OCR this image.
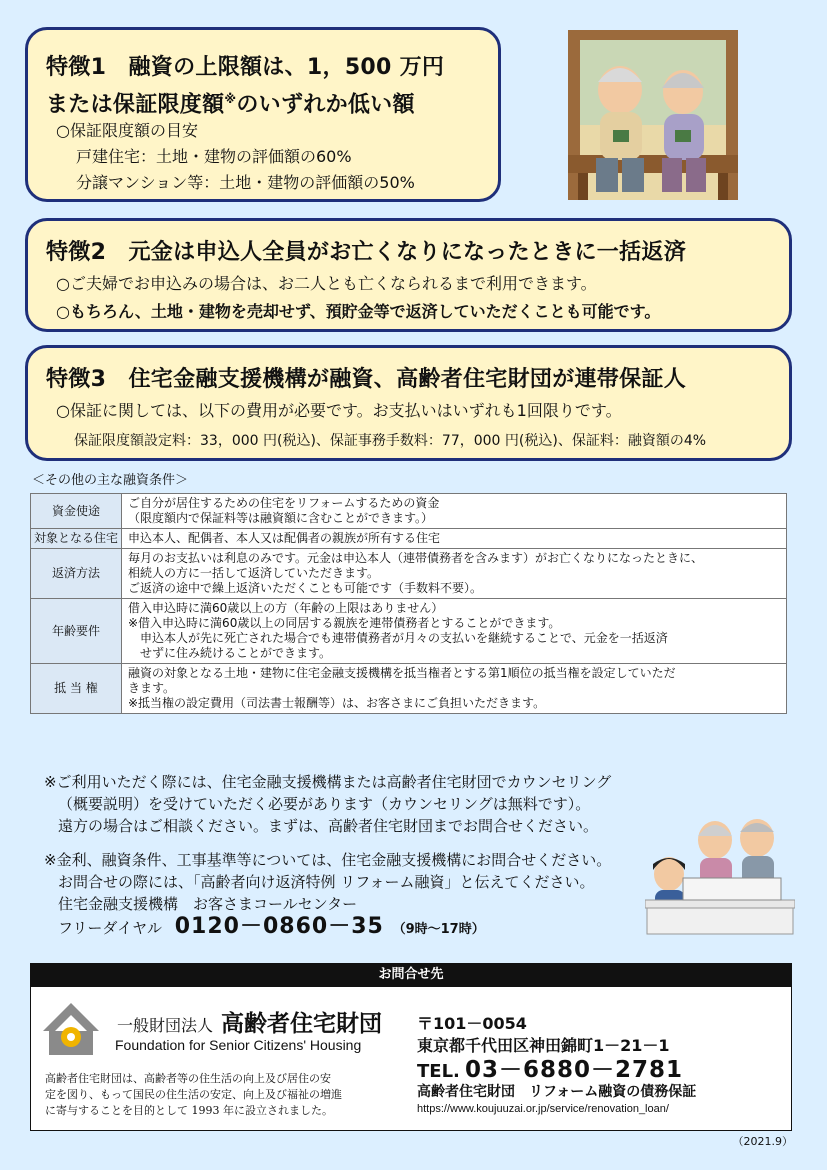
特徴1　融資の上限額は、1，500 万円
または保証限度額※のいずれか低い額
○保証限度額の目安
戸建住宅：土地・建物の評価額の60%
分譲マンション等：土地・建物の評価額の50%
特徴2　元金は申込人全員がお亡くなりになったときに一括返済
○ご夫婦でお申込みの場合は、お二人とも亡くなられるまで利用できます。
○もちろん、土地・建物を売却せず、預貯金等で返済していただくことも可能です。
特徴3　住宅金融支援機構が融資、高齢者住宅財団が連帯保証人
○保証に関しては、以下の費用が必要です。お支払いはいずれも1回限りです。
保証限度額設定料：33，000 円(税込)、保証事務手数料：77，000 円(税込)、保証料：融資額の4%
＜その他の主な融資条件＞
資金使途	ご自分が居住するための住宅をリフォームするための資金
（限度額内で保証料等は融資額に含むことができます。）

対象となる住宅	申込本人、配偶者、本人又は配偶者の親族が所有する住宅

返済方法	毎月のお支払いは利息のみです。元金は申込本人（連帯債務者を含みます）がお亡くなりになったときに、
相続人の方に一括して返済していただきます。
ご返済の途中で繰上返済いただくことも可能です（手数料不要）。

年齢要件	借入申込時に満60歳以上の方（年齢の上限はありません）
※借入申込時に満60歳以上の同居する親族を連帯債務者とすることができます。
　申込本人が先に死亡された場合でも連帯債務者が月々の支払いを継続することで、元金を一括返済
　せずに住み続けることができます。

抵 当 権	融資の対象となる土地・建物に住宅金融支援機構を抵当権者とする第1順位の抵当権を設定していただ
きます。
※抵当権の設定費用（司法書士報酬等）は、お客さまにご負担いただきます。
※ご利用いただく際には、住宅金融支援機構または高齢者住宅財団でカウンセリング
（概要説明）を受けていただく必要があります（カウンセリングは無料です）。
遠方の場合はご相談ください。まずは、高齢者住宅財団までお問合せください。
※金利、融資条件、工事基準等については、住宅金融支援機構にお問合せください。
お問合せの際には、「高齢者向け返済特例 リフォーム融資」と伝えてください。
住宅金融支援機構　お客さまコールセンター
フリーダイヤル 0120－0860－35 （9時～17時）
お問合せ先
一般財団法人 高齢者住宅財団
Foundation for Senior Citizens' Housing
高齢者住宅財団は、高齢者等の住生活の向上及び居住の安
定を図り、もって国民の住生活の安定、向上及び福祉の増進
に寄与することを目的として 1993 年に設立されました。
〒101－0054
東京都千代田区神田錦町1－21－1
TEL. 03－6880－2781
高齢者住宅財団　リフォーム融資の債務保証
https://www.koujuuzai.or.jp/service/renovation_loan/
（2021.9）
